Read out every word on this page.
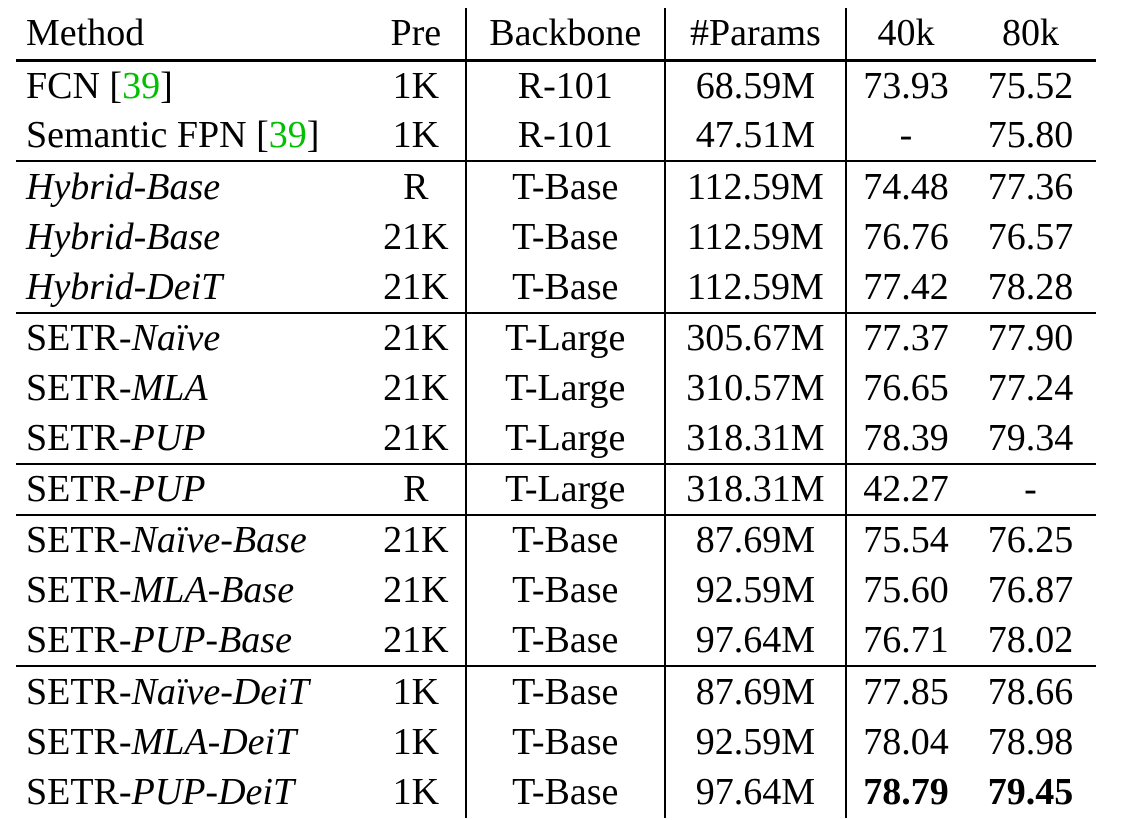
Method	Pre	Backbone	#Params	40k	80k
FCN [39]	1K	R-101	68.59M	73.93	75.52
Semantic FPN [39]	1K	R-101	47.51M	-	75.80
Hybrid-Base	R	T-Base	112.59M	74.48	77.36
Hybrid-Base	21K	T-Base	112.59M	76.76	76.57
Hybrid-DeiT	21K	T-Base	112.59M	77.42	78.28
SETR-Naïve	21K	T-Large	305.67M	77.37	77.90
SETR-MLA	21K	T-Large	310.57M	76.65	77.24
SETR-PUP	21K	T-Large	318.31M	78.39	79.34
SETR-PUP	R	T-Large	318.31M	42.27	-
SETR-Naïve-Base	21K	T-Base	87.69M	75.54	76.25
SETR-MLA-Base	21K	T-Base	92.59M	75.60	76.87
SETR-PUP-Base	21K	T-Base	97.64M	76.71	78.02
SETR-Naïve-DeiT	1K	T-Base	87.69M	77.85	78.66
SETR-MLA-DeiT	1K	T-Base	92.59M	78.04	78.98
SETR-PUP-DeiT	1K	T-Base	97.64M	78.79	79.45
